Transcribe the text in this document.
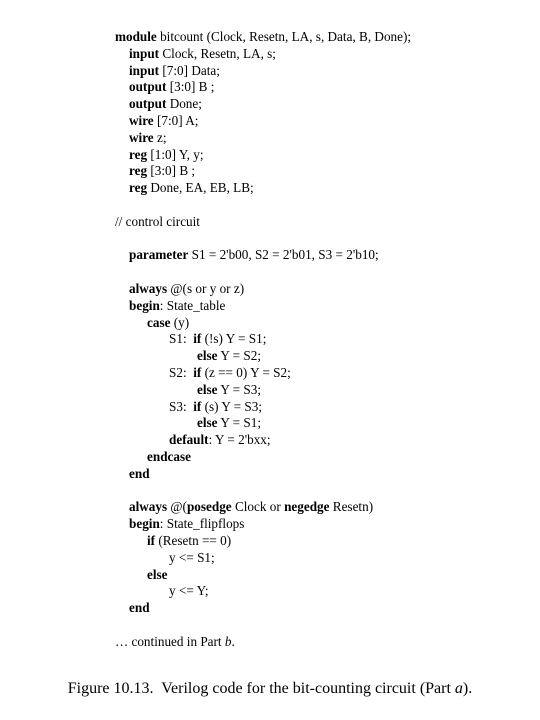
module bitcount (Clock, Resetn, LA, s, Data, B, Done);
input Clock, Resetn, LA, s;
input [7:0] Data;
output [3:0] B ;
output Done;
wire [7:0] A;
wire z;
reg [1:0] Y, y;
reg [3:0] B ;
reg Done, EA, EB, LB;
// control circuit
parameter S1 = 2'b00, S2 = 2'b01, S3 = 2'b10;
always @(s or y or z)
begin: State_table
case (y)
S1:  if (!s) Y = S1;
else Y = S2;
S2:  if (z == 0) Y = S2;
else Y = S3;
S3:  if (s) Y = S3;
else Y = S1;
default: Y = 2'bxx;
endcase
end
always @(posedge Clock or negedge Resetn)
begin: State_flipflops
if (Resetn == 0)
y <= S1;
else
y <= Y;
end
… continued in Part b.
Figure 10.13.  Verilog code for the bit-counting circuit (Part a).
